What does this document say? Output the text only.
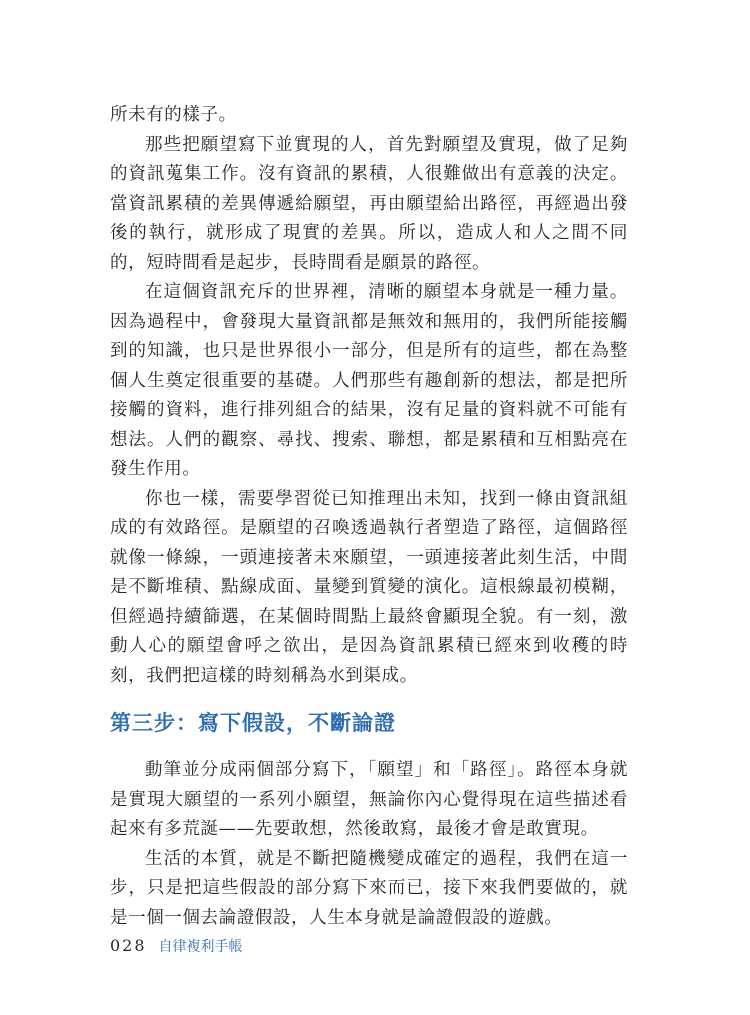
所未有的樣子。

那些把願望寫下並實現的人，首先對願望及實現，做了足夠的資訊蒐集工作。沒有資訊的累積，人很難做出有意義的決定。當資訊累積的差異傳遞給願望，再由願望給出路徑，再經過出發後的執行，就形成了現實的差異。所以，造成人和人之間不同的，短時間看是起步，長時間看是願景的路徑。

在這個資訊充斥的世界裡，清晰的願望本身就是一種力量。因為過程中，會發現大量資訊都是無效和無用的，我們所能接觸到的知識，也只是世界很小一部分，但是所有的這些，都在為整個人生奠定很重要的基礎。人們那些有趣創新的想法，都是把所接觸的資料，進行排列組合的結果，沒有足量的資料就不可能有想法。人們的觀察、尋找、搜索、聯想，都是累積和互相點亮在發生作用。

你也一樣，需要學習從已知推理出未知，找到一條由資訊組成的有效路徑。是願望的召喚透過執行者塑造了路徑，這個路徑就像一條線，一頭連接著未來願望，一頭連接著此刻生活，中間是不斷堆積、點線成面、量變到質變的演化。這根線最初模糊，但經過持續篩選，在某個時間點上最終會顯現全貌。有一刻，激動人心的願望會呼之欲出，是因為資訊累積已經來到收穫的時刻，我們把這樣的時刻稱為水到渠成。

第三步：寫下假設，不斷論證

動筆並分成兩個部分寫下，「願望」和「路徑」。路徑本身就是實現大願望的一系列小願望，無論你內心覺得現在這些描述看起來有多荒誕——先要敢想，然後敢寫，最後才會是敢實現。

生活的本質，就是不斷把隨機變成確定的過程，我們在這一步，只是把這些假設的部分寫下來而已，接下來我們要做的，就是一個一個去論證假設，人生本身就是論證假設的遊戲。

028 自律複利手帳
